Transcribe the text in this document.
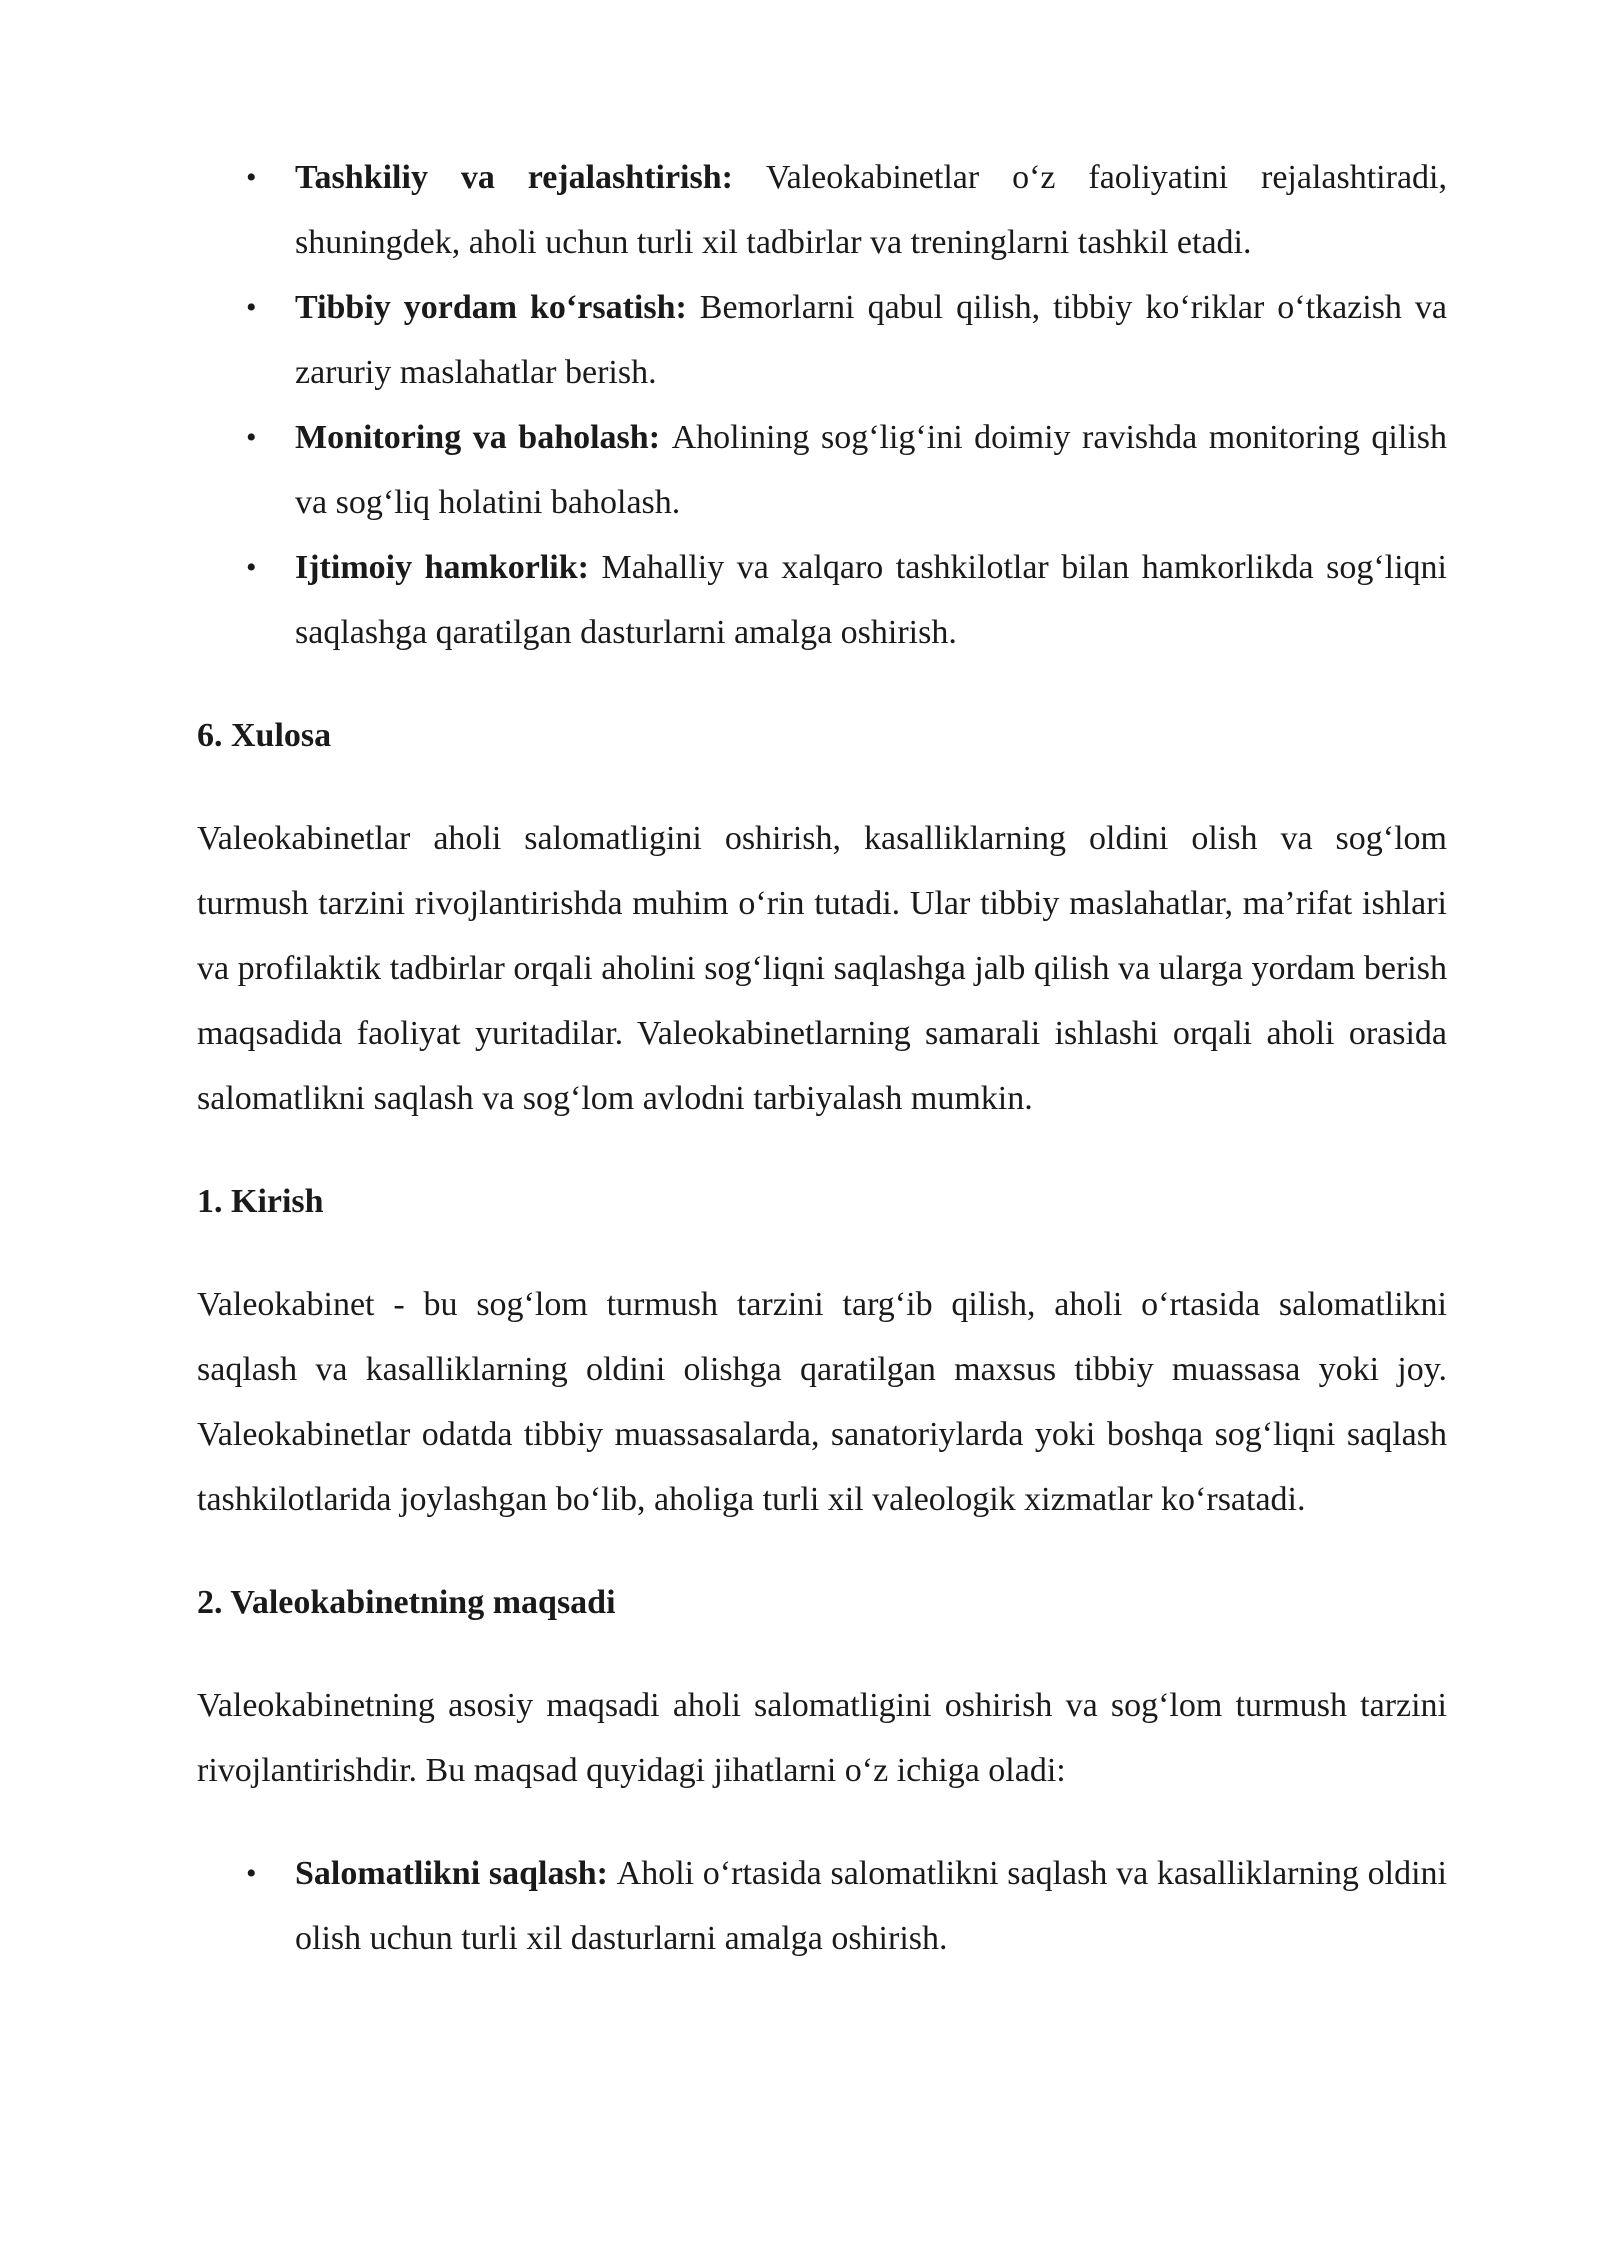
• Tashkiliy va rejalashtirish: Valeokabinetlar o‘z faoliyatini rejalashtiradi, shuningdek, aholi uchun turli xil tadbirlar va treninglarni tashkil etadi.
• Tibbiy yordam ko‘rsatish: Bemorlarni qabul qilish, tibbiy ko‘riklar o‘tkazish va zaruriy maslahatlar berish.
• Monitoring va baholash: Aholining sog‘lig‘ini doimiy ravishda monitoring qilish va sog‘liq holatini baholash.
• Ijtimoiy hamkorlik: Mahalliy va xalqaro tashkilotlar bilan hamkorlikda sog‘liqni saqlashga qaratilgan dasturlarni amalga oshirish.
6. Xulosa

Valeokabinetlar aholi salomatligini oshirish, kasalliklarning oldini olish va sog‘lom turmush tarzini rivojlantirishda muhim o‘rin tutadi. Ular tibbiy maslahatlar, ma’rifat ishlari va profilaktik tadbirlar orqali aholini sog‘liqni saqlashga jalb qilish va ularga yordam berish maqsadida faoliyat yuritadilar. Valeokabinetlarning samarali ishlashi orqali aholi orasida salomatlikni saqlash va sog‘lom avlodni tarbiyalash mumkin.

1. Kirish

Valeokabinet - bu sog‘lom turmush tarzini targ‘ib qilish, aholi o‘rtasida salomatlikni saqlash va kasalliklarning oldini olishga qaratilgan maxsus tibbiy muassasa yoki joy. Valeokabinetlar odatda tibbiy muassasalarda, sanatoriylarda yoki boshqa sog‘liqni saqlash tashkilotlarida joylashgan bo‘lib, aholiga turli xil valeologik xizmatlar ko‘rsatadi.

2. Valeokabinetning maqsadi

Valeokabinetning asosiy maqsadi aholi salomatligini oshirish va sog‘lom turmush tarzini rivojlantirishdir. Bu maqsad quyidagi jihatlarni o‘z ichiga oladi:

• Salomatlikni saqlash: Aholi o‘rtasida salomatlikni saqlash va kasalliklarning oldini olish uchun turli xil dasturlarni amalga oshirish.
